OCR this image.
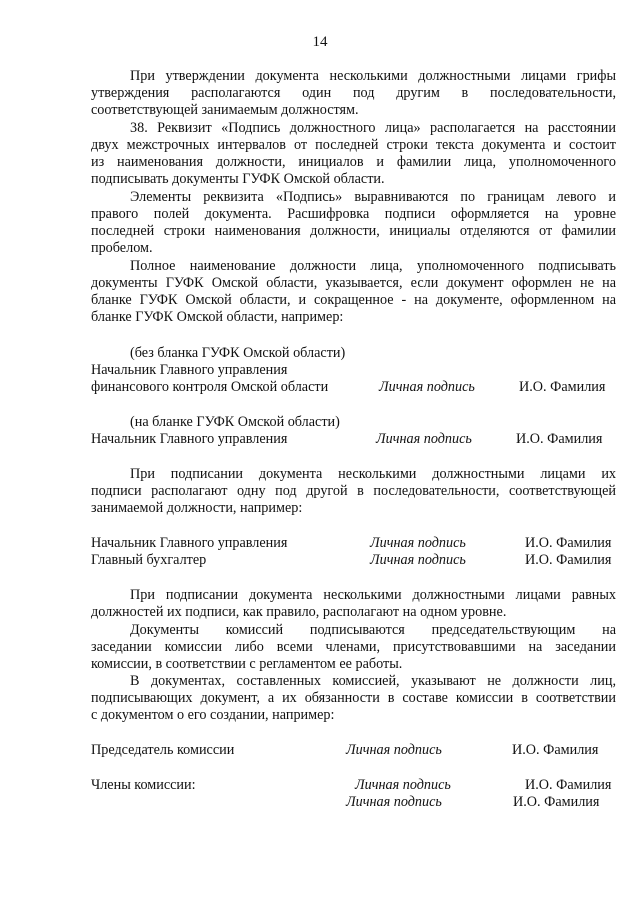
14
При утверждении документа несколькими должностными лицами грифы
утверждения располагаются один под другим в последовательности,
соответствующей занимаемым должностям.
38. Реквизит «Подпись должностного лица» располагается на расстоянии
двух межстрочных интервалов от последней строки текста документа и состоит
из наименования должности, инициалов и фамилии лица, уполномоченного
подписывать документы ГУФК Омской области.
Элементы реквизита «Подпись» выравниваются по границам левого и
правого полей документа. Расшифровка подписи оформляется на уровне
последней строки наименования должности, инициалы отделяются от фамилии
пробелом.
Полное наименование должности лица, уполномоченного подписывать
документы ГУФК Омской области, указывается, если документ оформлен не на
бланке ГУФК Омской области, и сокращенное - на документе, оформленном на
бланке ГУФК Омской области, например:
(без бланка ГУФК Омской области)
Начальник Главного управления
финансового контроля Омской области	Личная подпись	И.О. Фамилия
(на бланке ГУФК Омской области)
Начальник Главного управления	Личная подпись	И.О. Фамилия
При подписании документа несколькими должностными лицами их
подписи располагают одну под другой в последовательности, соответствующей
занимаемой должности, например:
Начальник Главного управления	Личная подпись	И.О. Фамилия
Главный бухгалтер	Личная подпись	И.О. Фамилия
При подписании документа несколькими должностными лицами равных
должностей их подписи, как правило, располагают на одном уровне.
Документы комиссий подписываются председательствующим на
заседании комиссии либо всеми членами, присутствовавшими на заседании
комиссии, в соответствии с регламентом ее работы.
В документах, составленных комиссией, указывают не должности лиц,
подписывающих документ, а их обязанности в составе комиссии в соответствии
с документом о его создании, например:
Председатель комиссии	Личная подпись	И.О. Фамилия
Члены комиссии:	Личная подпись	И.О. Фамилия
Личная подпись	И.О. Фамилия
